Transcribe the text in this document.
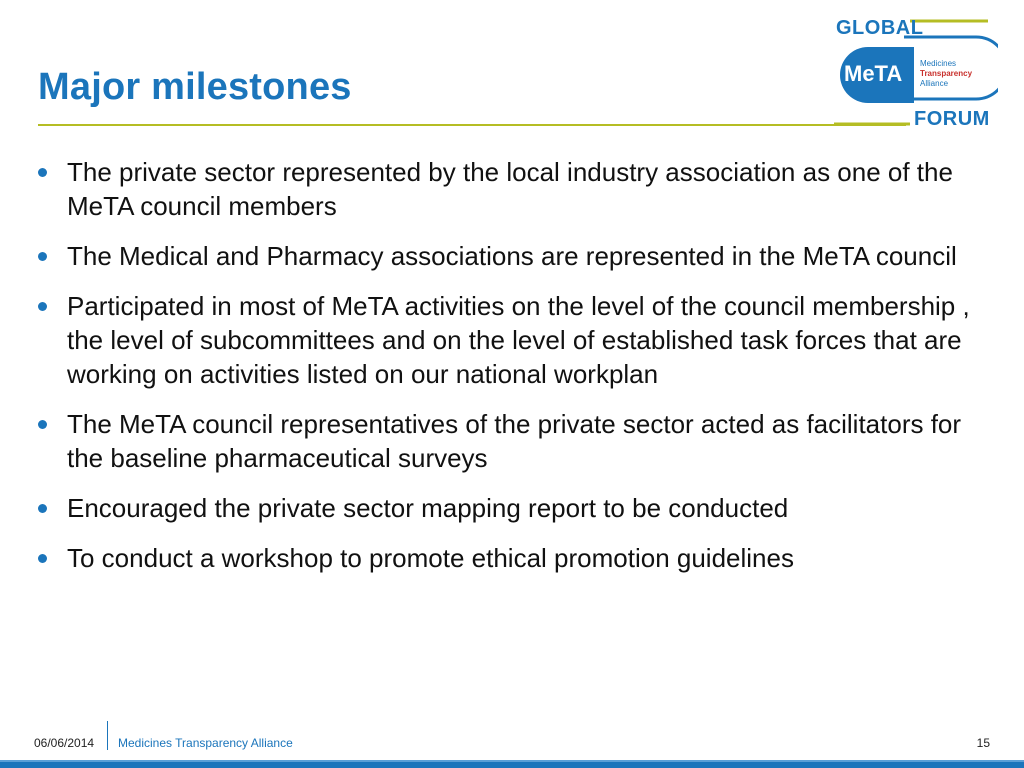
Major milestones
GLOBAL
MeTA Medicines
Transparency
Alliance
FORUM
The private sector represented by the local industry association as one of the MeTA council members
The Medical and Pharmacy associations are represented in the MeTA council
Participated in most of MeTA activities on the level of the council membership , the level of subcommittees and on the level of established task forces that are working on activities listed on our national workplan
The MeTA council representatives of the private sector acted as facilitators for the baseline pharmaceutical surveys
Encouraged the private sector mapping report to be conducted
To conduct a workshop to promote ethical promotion guidelines
06/06/2014 Medicines Transparency Alliance	15
